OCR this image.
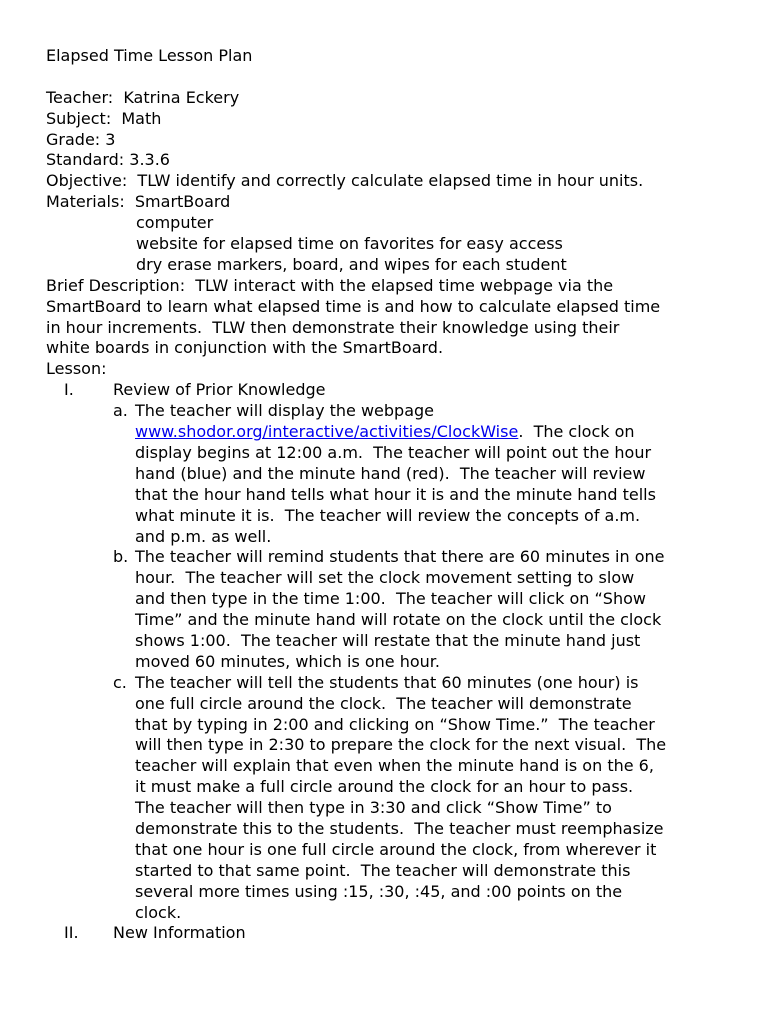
Elapsed Time Lesson Plan
Teacher:  Katrina Eckery
Subject:  Math
Grade: 3
Standard: 3.3.6
Objective:  TLW identify and correctly calculate elapsed time in hour units.
Materials:  SmartBoard
computer
website for elapsed time on favorites for easy access
dry erase markers, board, and wipes for each student
Brief Description:  TLW interact with the elapsed time webpage via the
SmartBoard to learn what elapsed time is and how to calculate elapsed time
in hour increments.  TLW then demonstrate their knowledge using their
white boards in conjunction with the SmartBoard.
Lesson:
I.	Review of Prior Knowledge
a. The teacher will display the webpage
www.shodor.org/interactive/activities/ClockWise.  The clock on
display begins at 12:00 a.m.  The teacher will point out the hour
hand (blue) and the minute hand (red).  The teacher will review
that the hour hand tells what hour it is and the minute hand tells
what minute it is.  The teacher will review the concepts of a.m.
and p.m. as well.
b. The teacher will remind students that there are 60 minutes in one
hour.  The teacher will set the clock movement setting to slow
and then type in the time 1:00.  The teacher will click on “Show
Time” and the minute hand will rotate on the clock until the clock
shows 1:00.  The teacher will restate that the minute hand just
moved 60 minutes, which is one hour.
c. The teacher will tell the students that 60 minutes (one hour) is
one full circle around the clock.  The teacher will demonstrate
that by typing in 2:00 and clicking on “Show Time.”  The teacher
will then type in 2:30 to prepare the clock for the next visual.  The
teacher will explain that even when the minute hand is on the 6,
it must make a full circle around the clock for an hour to pass.
The teacher will then type in 3:30 and click “Show Time” to
demonstrate this to the students.  The teacher must reemphasize
that one hour is one full circle around the clock, from wherever it
started to that same point.  The teacher will demonstrate this
several more times using :15, :30, :45, and :00 points on the
clock.
II.	New Information
